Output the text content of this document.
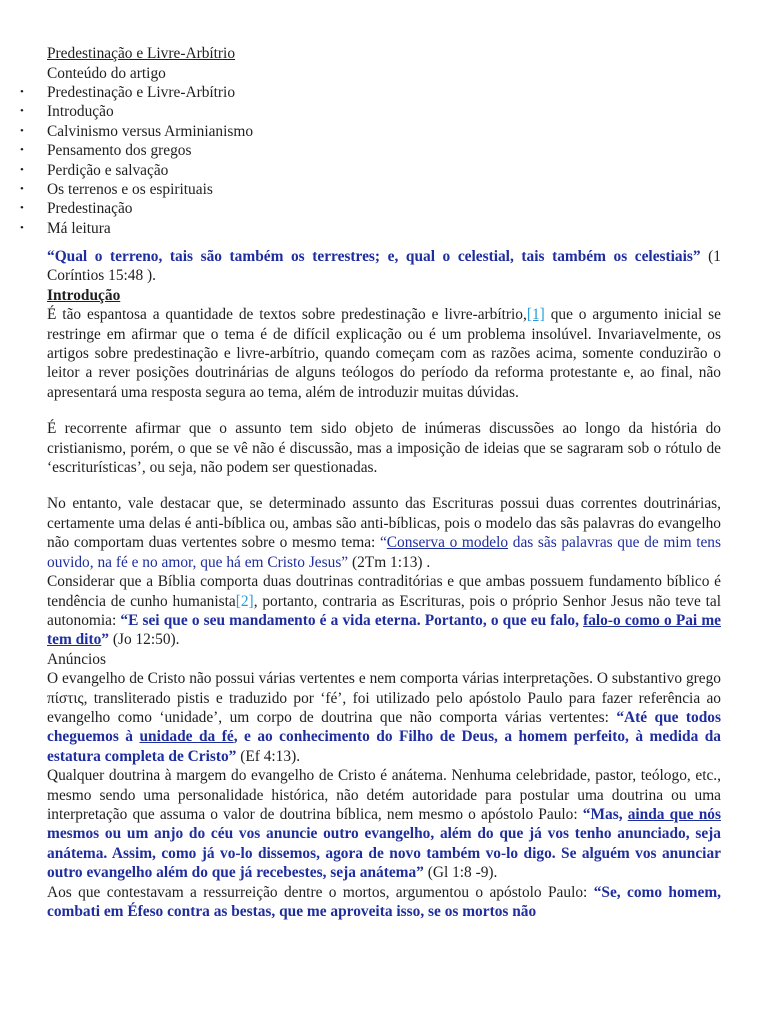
Predestinação e Livre-Arbítrio
Conteúdo do artigo
• Predestinação e Livre-Arbítrio
• Introdução
• Calvinismo versus Arminianismo
• Pensamento dos gregos
• Perdição e salvação
• Os terrenos e os espirituais
• Predestinação
• Má leitura

“Qual o terreno, tais são também os terrestres; e, qual o celestial, tais também os celestiais” (1 Coríntios 15:48 ).

Introdução

É tão espantosa a quantidade de textos sobre predestinação e livre-arbítrio,[1] que o argumento inicial se restringe em afirmar que o tema é de difícil explicação ou é um problema insolúvel. Invariavelmente, os artigos sobre predestinação e livre-arbítrio, quando começam com as razões acima, somente conduzirão o leitor a rever posições doutrinárias de alguns teólogos do período da reforma protestante e, ao final, não apresentará uma resposta segura ao tema, além de introduzir muitas dúvidas.

É recorrente afirmar que o assunto tem sido objeto de inúmeras discussões ao longo da história do cristianismo, porém, o que se vê não é discussão, mas a imposição de ideias que se sagraram sob o rótulo de ‘escriturísticas’, ou seja, não podem ser questionadas.

No entanto, vale destacar que, se determinado assunto das Escrituras possui duas correntes doutrinárias, certamente uma delas é anti-bíblica ou, ambas são anti-bíblicas, pois o modelo das sãs palavras do evangelho não comportam duas vertentes sobre o mesmo tema: “Conserva o modelo das sãs palavras que de mim tens ouvido, na fé e no amor, que há em Cristo Jesus” (2Tm 1:13) .

Considerar que a Bíblia comporta duas doutrinas contraditórias e que ambas possuem fundamento bíblico é tendência de cunho humanista[2], portanto, contraria as Escrituras, pois o próprio Senhor Jesus não teve tal autonomia: “E sei que o seu mandamento é a vida eterna. Portanto, o que eu falo, falo-o como o Pai me tem dito” (Jo 12:50).

Anúncios

O evangelho de Cristo não possui várias vertentes e nem comporta várias interpretações. O substantivo grego πίστις, transliterado pistis e traduzido por ‘fé’, foi utilizado pelo apóstolo Paulo para fazer referência ao evangelho como ‘unidade’, um corpo de doutrina que não comporta várias vertentes: “Até que todos cheguemos à unidade da fé, e ao conhecimento do Filho de Deus, a homem perfeito, à medida da estatura completa de Cristo” (Ef 4:13).

Qualquer doutrina à margem do evangelho de Cristo é anátema. Nenhuma celebridade, pastor, teólogo, etc., mesmo sendo uma personalidade histórica, não detém autoridade para postular uma doutrina ou uma interpretação que assuma o valor de doutrina bíblica, nem mesmo o apóstolo Paulo: “Mas, ainda que nós mesmos ou um anjo do céu vos anuncie outro evangelho, além do que já vos tenho anunciado, seja anátema. Assim, como já vo-lo dissemos, agora de novo também vo-lo digo. Se alguém vos anunciar outro evangelho além do que já recebestes, seja anátema” (Gl 1:8 -9).

Aos que contestavam a ressurreição dentre o mortos, argumentou o apóstolo Paulo: “Se, como homem, combati em Éfeso contra as bestas, que me aproveita isso, se os mortos não
